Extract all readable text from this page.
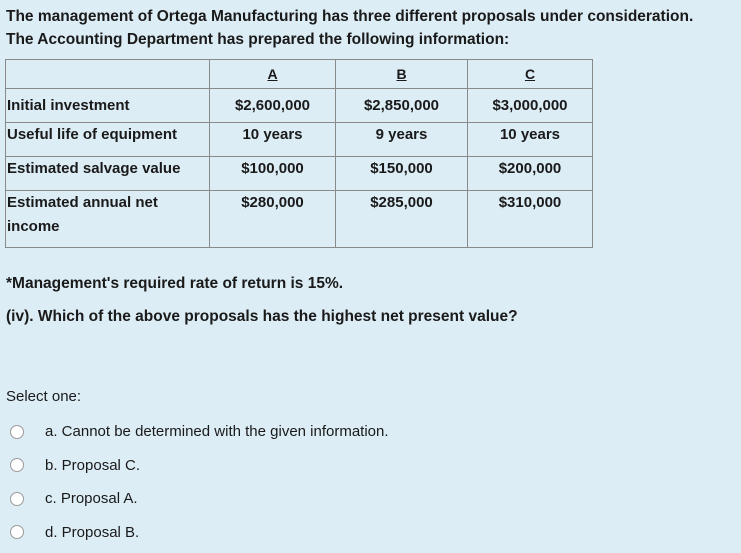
The management of Ortega Manufacturing has three different proposals under consideration.
The Accounting Department has prepared the following information:
	A	B	C
Initial investment	$2,600,000	$2,850,000	$3,000,000
Useful life of equipment	10 years	9 years	10 years
Estimated salvage value	$100,000	$150,000	$200,000

Estimated annual net
income	$280,000	$285,000	$310,000
*Management's required rate of return is 15%.
(iv). Which of the above proposals has the highest net present value?
Select one:
a. Cannot be determined with the given information.
b. Proposal C.
c. Proposal A.
d. Proposal B.
